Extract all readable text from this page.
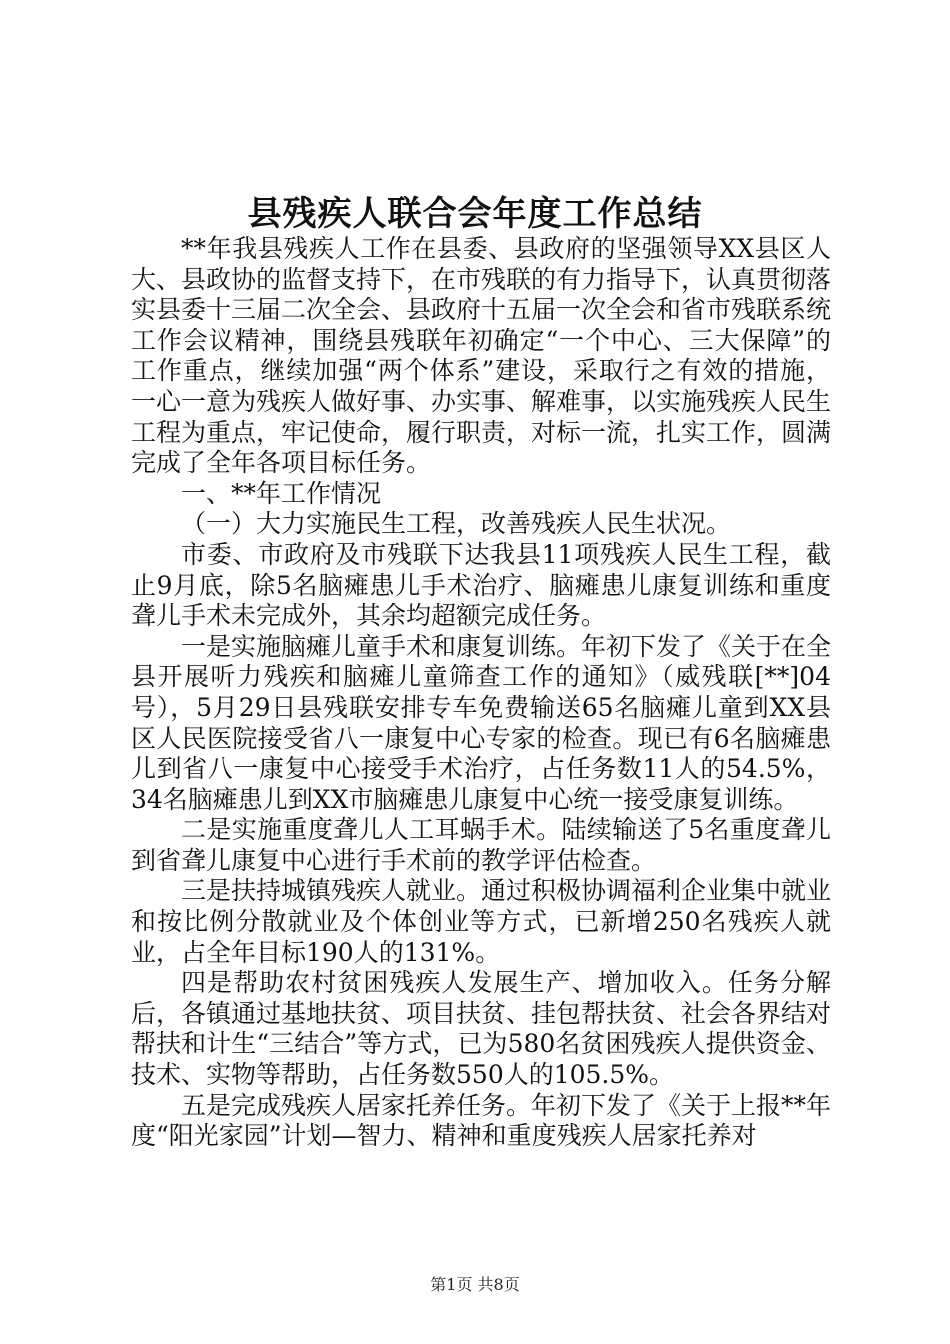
县残疾人联合会年度工作总结

**年我县残疾人工作在县委、县政府的坚强领导XX县区人大、县政协的监督支持下，在市残联的有力指导下，认真贯彻落实县委十三届二次全会、县政府十五届一次全会和省市残联系统工作会议精神，围绕县残联年初确定“一个中心、三大保障”的工作重点，继续加强“两个体系”建设，采取行之有效的措施，一心一意为残疾人做好事、办实事、解难事，以实施残疾人民生工程为重点，牢记使命，履行职责，对标一流，扎实工作，圆满完成了全年各项目标任务。

一、**年工作情况

（一）大力实施民生工程，改善残疾人民生状况。

市委、市政府及市残联下达我县11项残疾人民生工程，截止9月底，除5名脑瘫患儿手术治疗、脑瘫患儿康复训练和重度聋儿手术未完成外，其余均超额完成任务。

一是实施脑瘫儿童手术和康复训练。年初下发了《关于在全县开展听力残疾和脑瘫儿童筛查工作的通知》（威残联[**]04号），5月29日县残联安排专车免费输送65名脑瘫儿童到XX县区人民医院接受省八一康复中心专家的检查。现已有6名脑瘫患儿到省八一康复中心接受手术治疗，占任务数11人的54.5%，34名脑瘫患儿到XX市脑瘫患儿康复中心统一接受康复训练。

二是实施重度聋儿人工耳蜗手术。陆续输送了5名重度聋儿到省聋儿康复中心进行手术前的教学评估检查。

三是扶持城镇残疾人就业。通过积极协调福利企业集中就业和按比例分散就业及个体创业等方式，已新增250名残疾人就业，占全年目标190人的131%。

四是帮助农村贫困残疾人发展生产、增加收入。任务分解后，各镇通过基地扶贫、项目扶贫、挂包帮扶贫、社会各界结对帮扶和计生“三结合”等方式，已为580名贫困残疾人提供资金、技术、实物等帮助，占任务数550人的105.5%。

五是完成残疾人居家托养任务。年初下发了《关于上报**年度“阳光家园”计划—智力、精神和重度残疾人居家托养对

第1页 共8页
